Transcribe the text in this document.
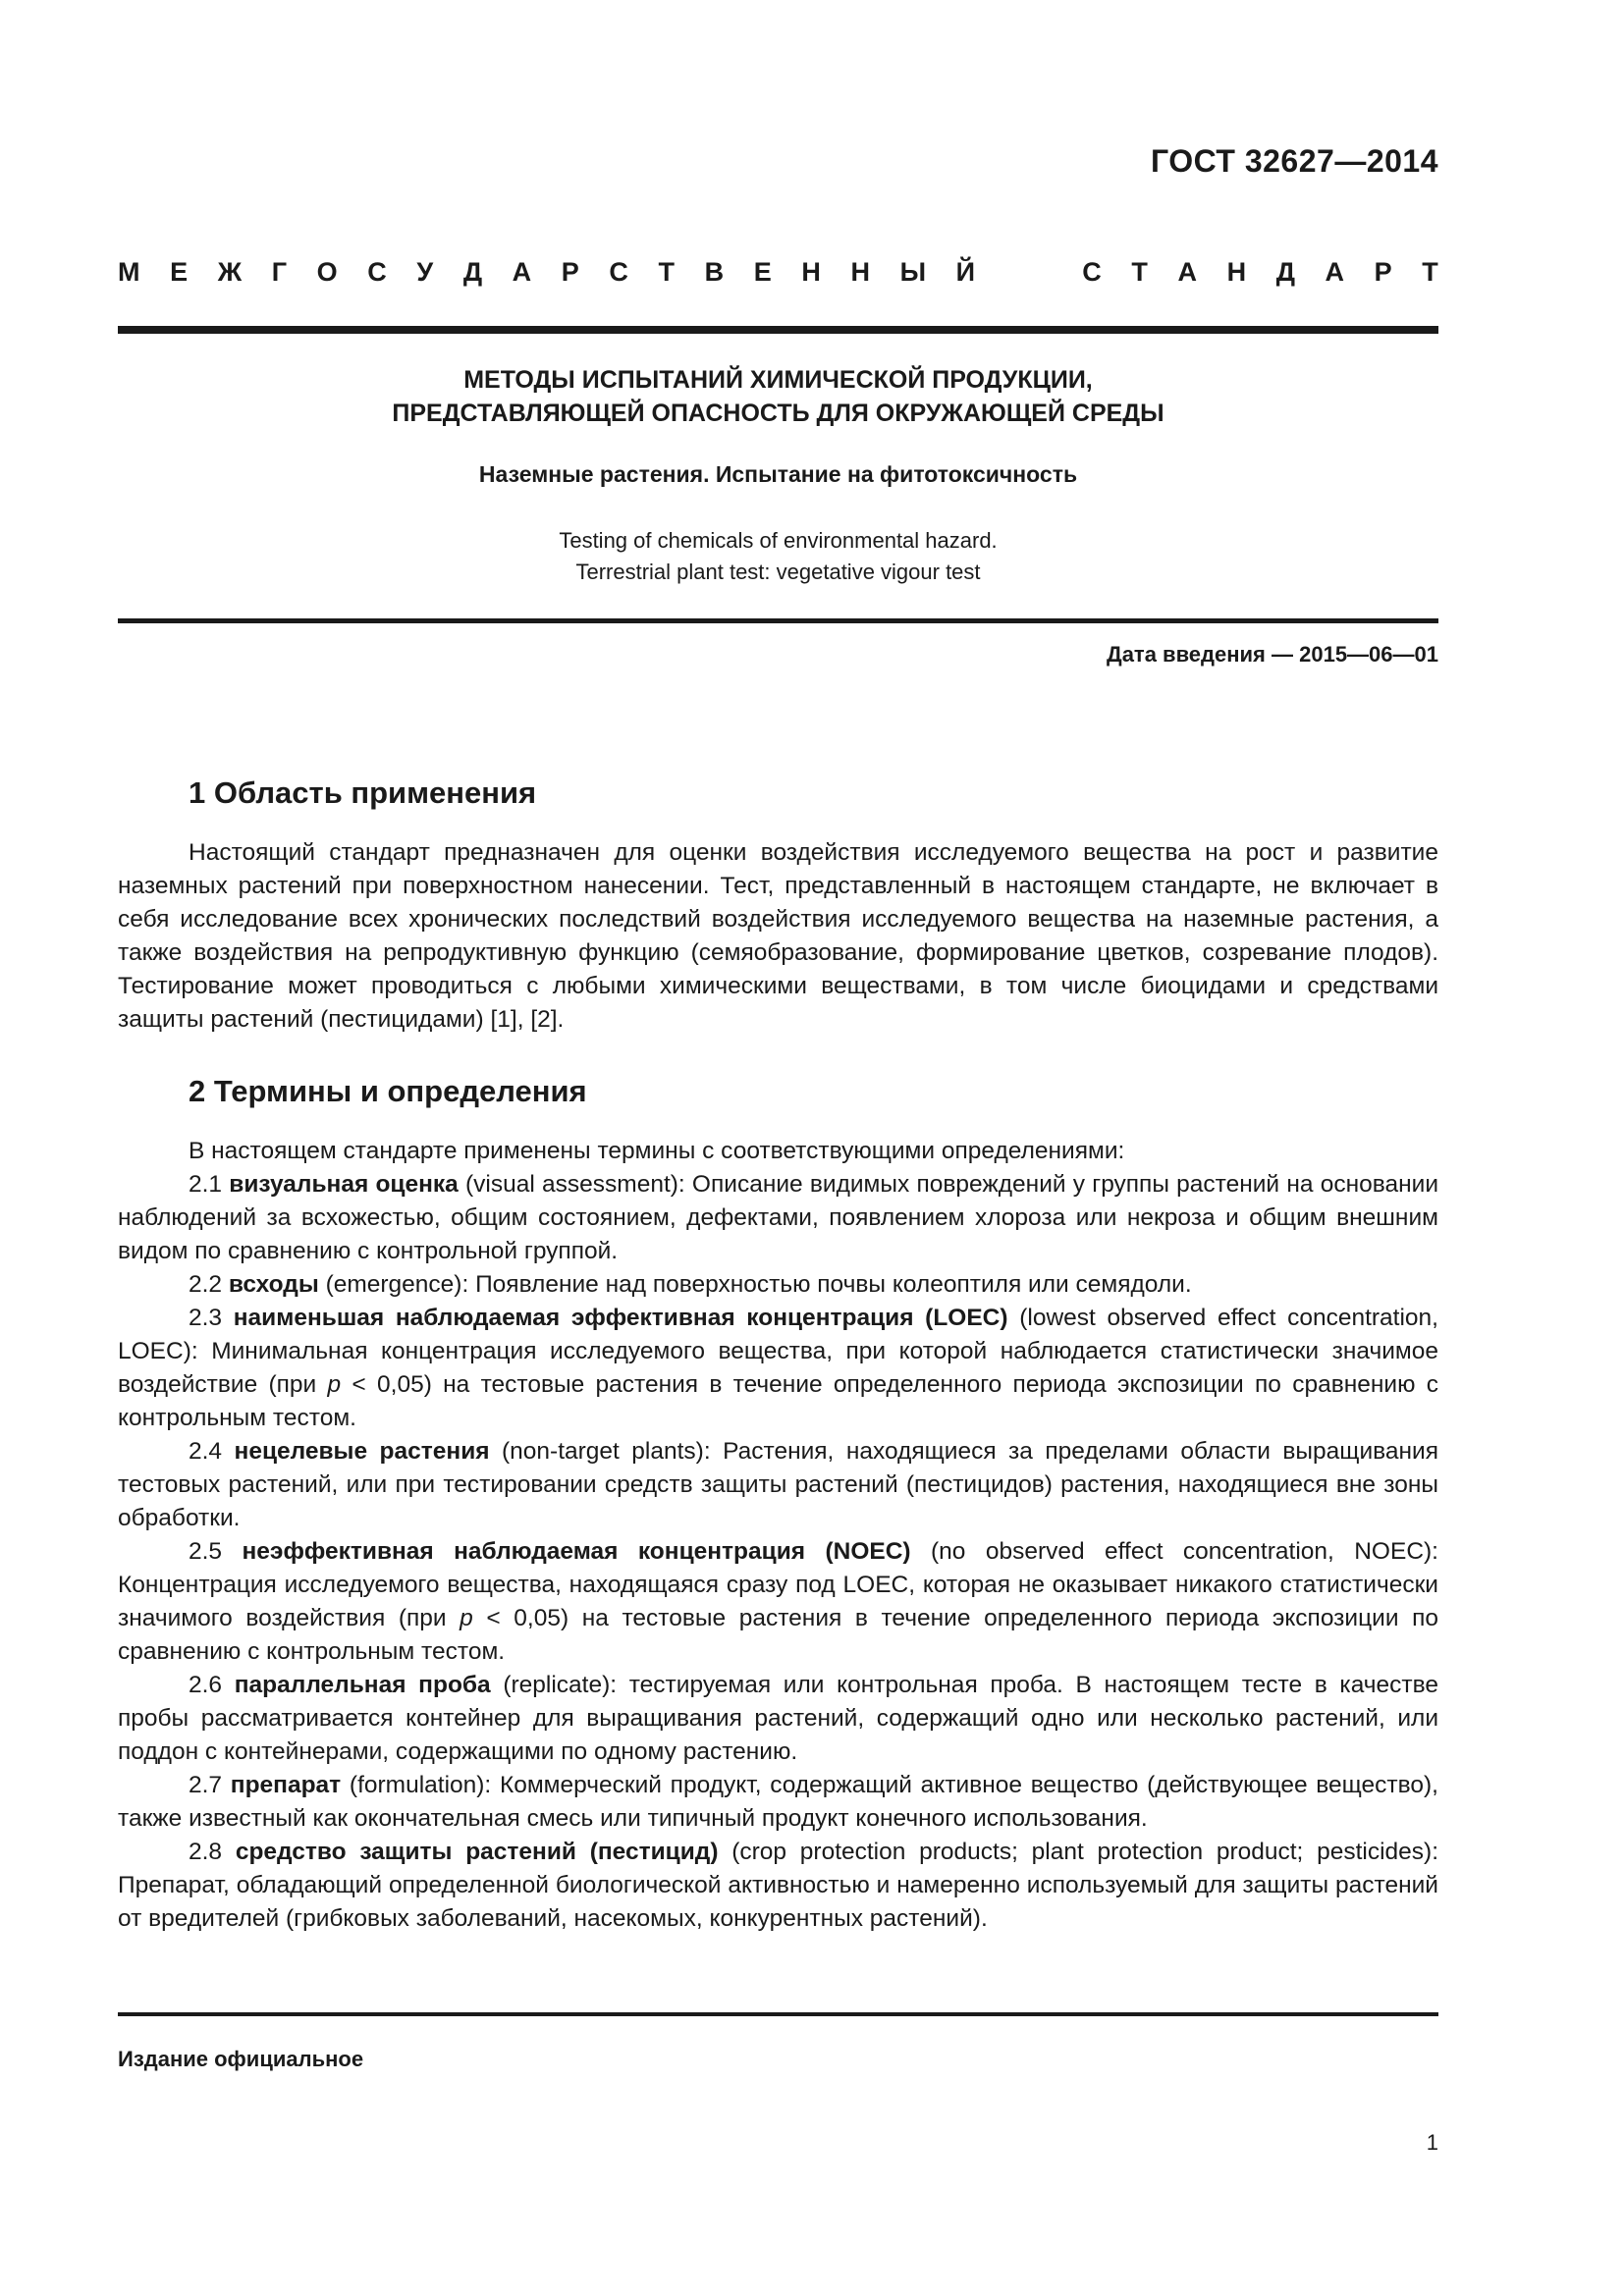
ГОСТ 32627—2014
М Е Ж Г О С У Д А Р С Т В Е Н Н Ы Й	С Т А Н Д А Р Т
МЕТОДЫ ИСПЫТАНИЙ ХИМИЧЕСКОЙ ПРОДУКЦИИ,
ПРЕДСТАВЛЯЮЩЕЙ ОПАСНОСТЬ ДЛЯ ОКРУЖАЮЩЕЙ СРЕДЫ
Наземные растения. Испытание на фитотоксичность
Testing of chemicals of environmental hazard.
Terrestrial plant test: vegetative vigour test
Дата введения — 2015—06—01
1 Область применения

Настоящий стандарт предназначен для оценки воздействия исследуемого вещества на рост и развитие наземных растений при поверхностном нанесении. Тест, представленный в настоящем стандарте, не включает в себя исследование всех хронических последствий воздействия исследуемого вещества на наземные растения, а также воздействия на репродуктивную функцию (семяобразование, формирование цветков, созревание плодов). Тестирование может проводиться с любыми химическими веществами, в том числе биоцидами и средствами защиты растений (пестицидами) [1], [2].

2 Термины и определения

В настоящем стандарте применены термины с соответствующими определениями:

2.1 визуальная оценка (visual assessment): Описание видимых повреждений у группы растений на основании наблюдений за всхожестью, общим состоянием, дефектами, появлением хлороза или некроза и общим внешним видом по сравнению с контрольной группой.

2.2 всходы (emergence): Появление над поверхностью почвы колеоптиля или семядоли.

2.3 наименьшая наблюдаемая эффективная концентрация (LOEC) (lowest observed effect concentration, LOEC): Минимальная концентрация исследуемого вещества, при которой наблюдается статистически значимое воздействие (при p < 0,05) на тестовые растения в течение определенного периода экспозиции по сравнению с контрольным тестом.

2.4 нецелевые растения (non-target plants): Растения, находящиеся за пределами области выращивания тестовых растений, или при тестировании средств защиты растений (пестицидов) растения, находящиеся вне зоны обработки.

2.5 неэффективная наблюдаемая концентрация (NOEC) (no observed effect concentration, NOEC): Концентрация исследуемого вещества, находящаяся сразу под LOEC, которая не оказывает никакого статистически значимого воздействия (при p < 0,05) на тестовые растения в течение определенного периода экспозиции по сравнению с контрольным тестом.

2.6 параллельная проба (replicate): тестируемая или контрольная проба. В настоящем тесте в качестве пробы рассматривается контейнер для выращивания растений, содержащий одно или несколько растений, или поддон с контейнерами, содержащими по одному растению.

2.7 препарат (formulation): Коммерческий продукт, содержащий активное вещество (действующее вещество), также известный как окончательная смесь или типичный продукт конечного использования.

2.8 средство защиты растений (пестицид) (crop protection products; plant protection product; pesticides): Препарат, обладающий определенной биологической активностью и намеренно используемый для защиты растений от вредителей (грибковых заболеваний, насекомых, конкурентных растений).

Издание официальное
1
